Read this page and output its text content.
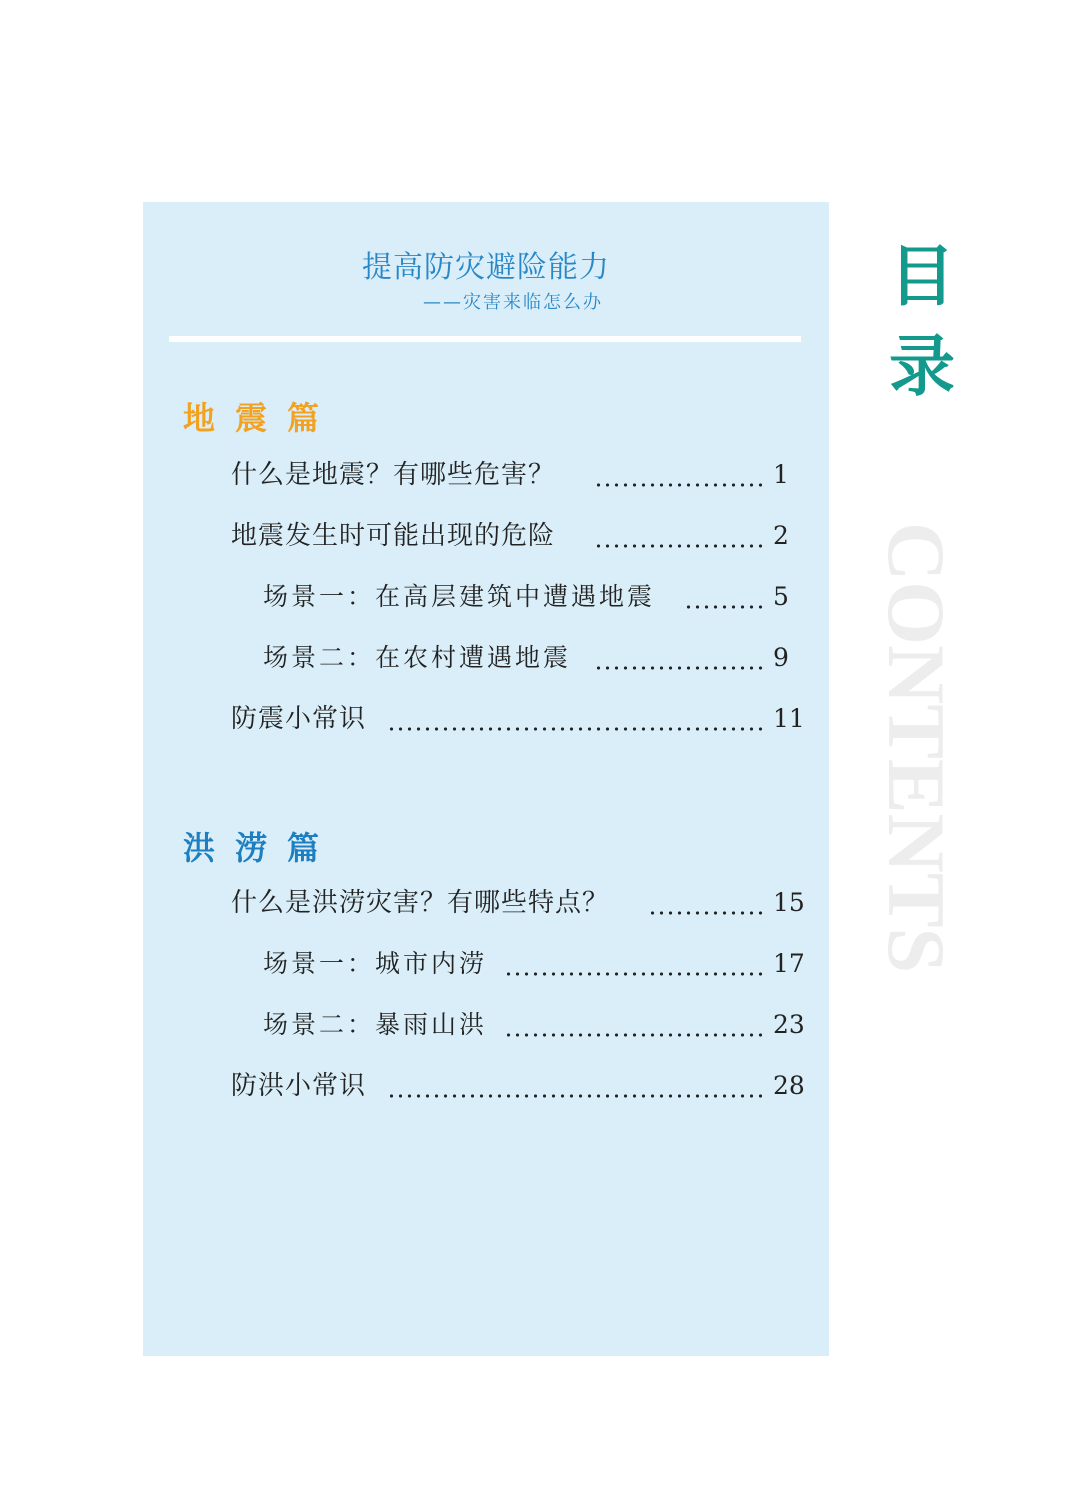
提高防灾避险能力
——灾害来临怎么办
地震篇
什么是地震？有哪些危害？	1
地震发生时可能出现的危险	2
场景一：在高层建筑中遭遇地震	5
场景二：在农村遭遇地震	9
防震小常识	11
洪涝篇
什么是洪涝灾害？有哪些特点？	15
场景一：城市内涝	17
场景二：暴雨山洪	23
防洪小常识	28
目
录
CONTENTS
